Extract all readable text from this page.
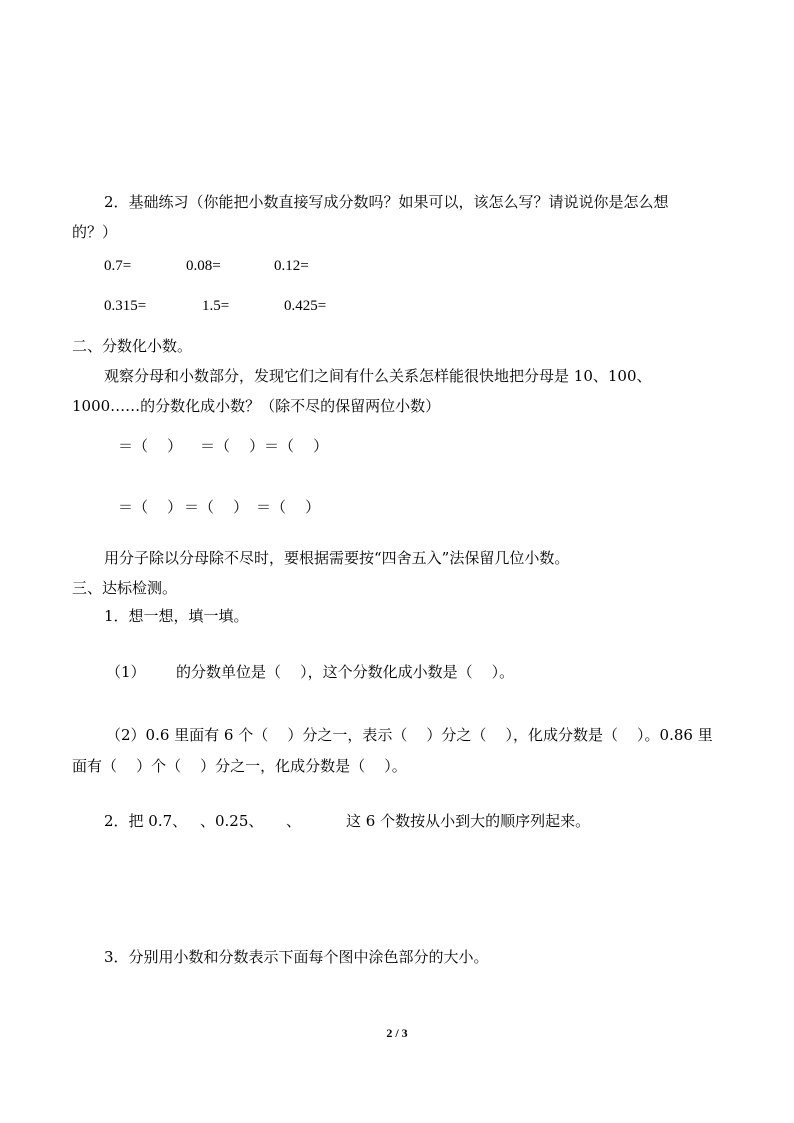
2．基础练习（你能把小数直接写成分数吗？如果可以，该怎么写？请说说你是怎么想
的？）
0.7=	0.08=	0.12=
0.315=	1.5=	0.425=
二、分数化小数。
观察分母和小数部分，发现它们之间有什么关系怎样能很快地把分母是 10、100、
1000……的分数化成小数？（除不尽的保留两位小数）
＝（    ） ＝（    ） ＝（    ）
＝（    ） ＝（    ） ＝（    ）
用分子除以分母除不尽时，要根据需要按“四舍五入”法保留几位小数。
三、达标检测。
1．想一想，填一填。
（1） 的分数单位是（    ），这个分数化成小数是（    ）。
（2）0.6 里面有 6 个（    ）分之一，表示（    ）分之（    ），化成分数是（    ）。0.86 里
面有（    ）个（    ）分之一，化成分数是（    ）。
2．把 0.7、 、0.25、 、	这 6 个数按从小到大的顺序列起来。
3．分别用小数和分数表示下面每个图中涂色部分的大小。
2 / 3
